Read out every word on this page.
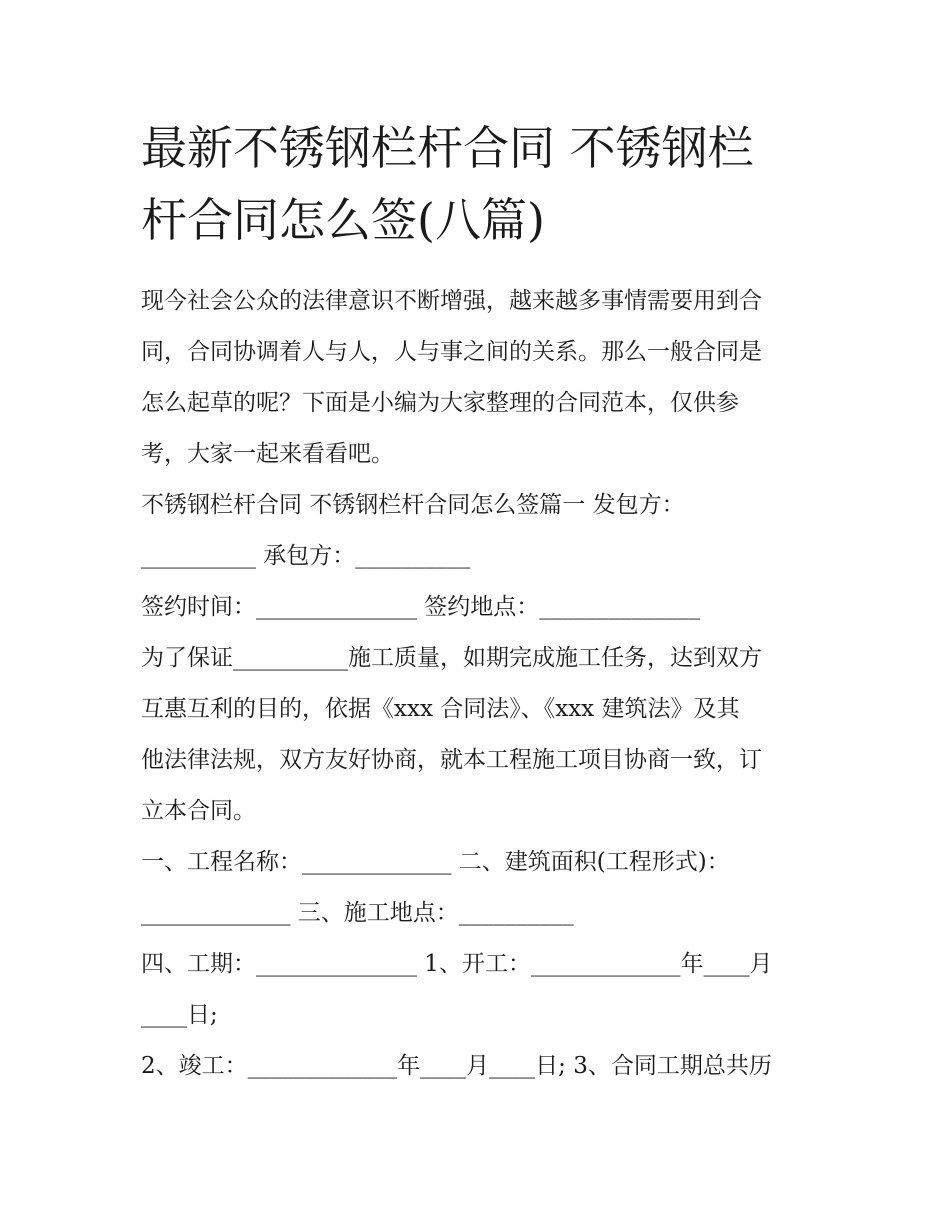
最新不锈钢栏杆合同 不锈钢栏
杆合同怎么签(八篇)
现今社会公众的法律意识不断增强，越来越多事情需要用到合
同，合同协调着人与人，人与事之间的关系。那么一般合同是
怎么起草的呢？下面是小编为大家整理的合同范本，仅供参
考，大家一起来看看吧。
不锈钢栏杆合同 不锈钢栏杆合同怎么签篇一 发包方：
__________ 承包方：__________
签约时间：______________ 签约地点：______________
为了保证__________施工质量，如期完成施工任务，达到双方
互惠互利的目的，依据《xxx 合同法》、《xxx 建筑法》及其
他法律法规，双方友好协商，就本工程施工项目协商一致，订
立本合同。
一、工程名称：_____________ 二、建筑面积(工程形式)：
_____________ 三、施工地点：__________
四、工期：______________ 1、开工：_____________年____月
____日;
2、竣工：_____________年____月____日; 3、合同工期总共历
